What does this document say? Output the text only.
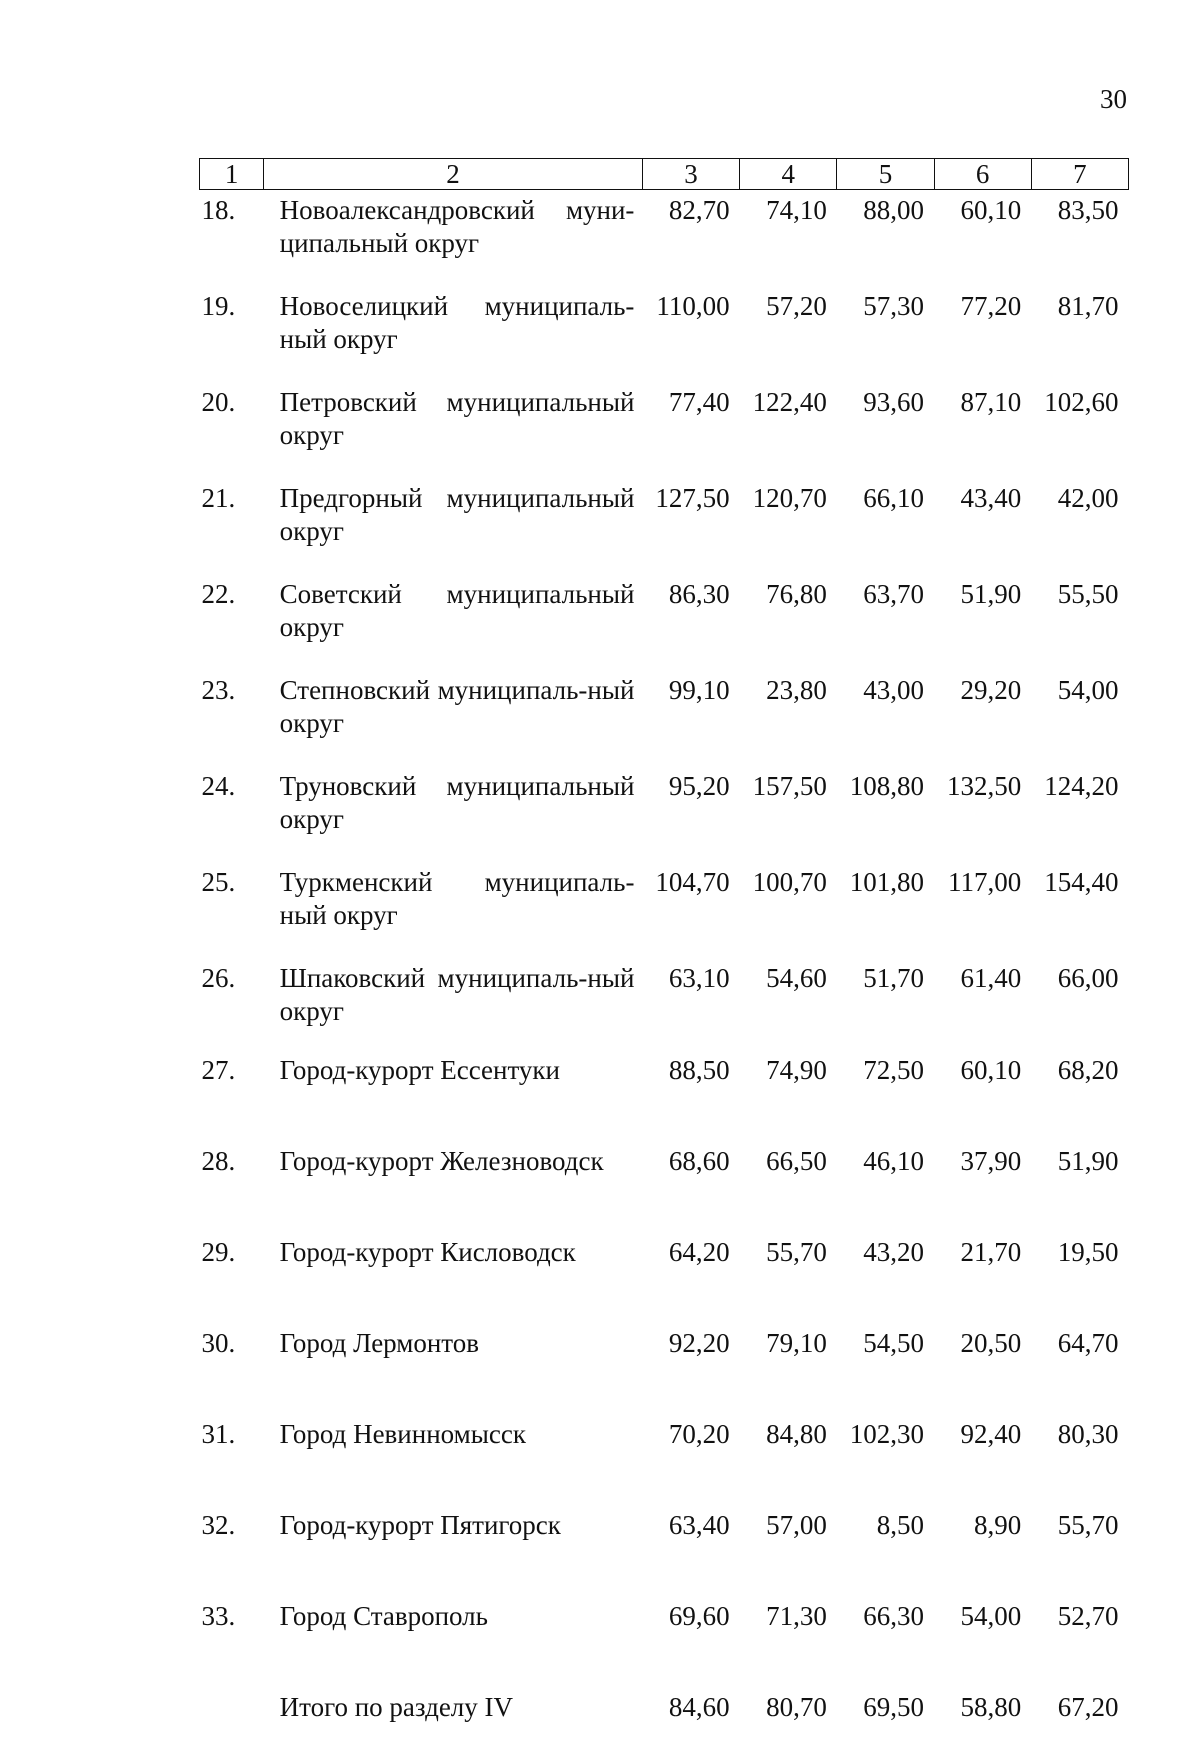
30
1	2	3	4	5	6	7
18.	Новоалександровский муни-ципальный округ	82,70	74,10	88,00	60,10	83,50
19.	Новоселицкий муниципаль-ный округ	110,00	57,20	57,30	77,20	81,70
20.	Петровский муниципальный округ	77,40	122,40	93,60	87,10	102,60
21.	Предгорный муниципальный округ	127,50	120,70	66,10	43,40	42,00
22.	Советский муниципальный округ	86,30	76,80	63,70	51,90	55,50
23.	Степновский муниципаль-ный округ	99,10	23,80	43,00	29,20	54,00
24.	Труновский муниципальный округ	95,20	157,50	108,80	132,50	124,20
25.	Туркменский муниципаль-ный округ	104,70	100,70	101,80	117,00	154,40
26.	Шпаковский муниципаль-ный округ	63,10	54,60	51,70	61,40	66,00
27.	Город-курорт Ессентуки	88,50	74,90	72,50	60,10	68,20
28.	Город-курорт Железноводск	68,60	66,50	46,10	37,90	51,90
29.	Город-курорт Кисловодск	64,20	55,70	43,20	21,70	19,50
30.	Город Лермонтов	92,20	79,10	54,50	20,50	64,70
31.	Город Невинномысск	70,20	84,80	102,30	92,40	80,30
32.	Город-курорт Пятигорск	63,40	57,00	8,50	8,90	55,70
33.	Город Ставрополь	69,60	71,30	66,30	54,00	52,70
	Итого по разделу IV	84,60	80,70	69,50	58,80	67,20
